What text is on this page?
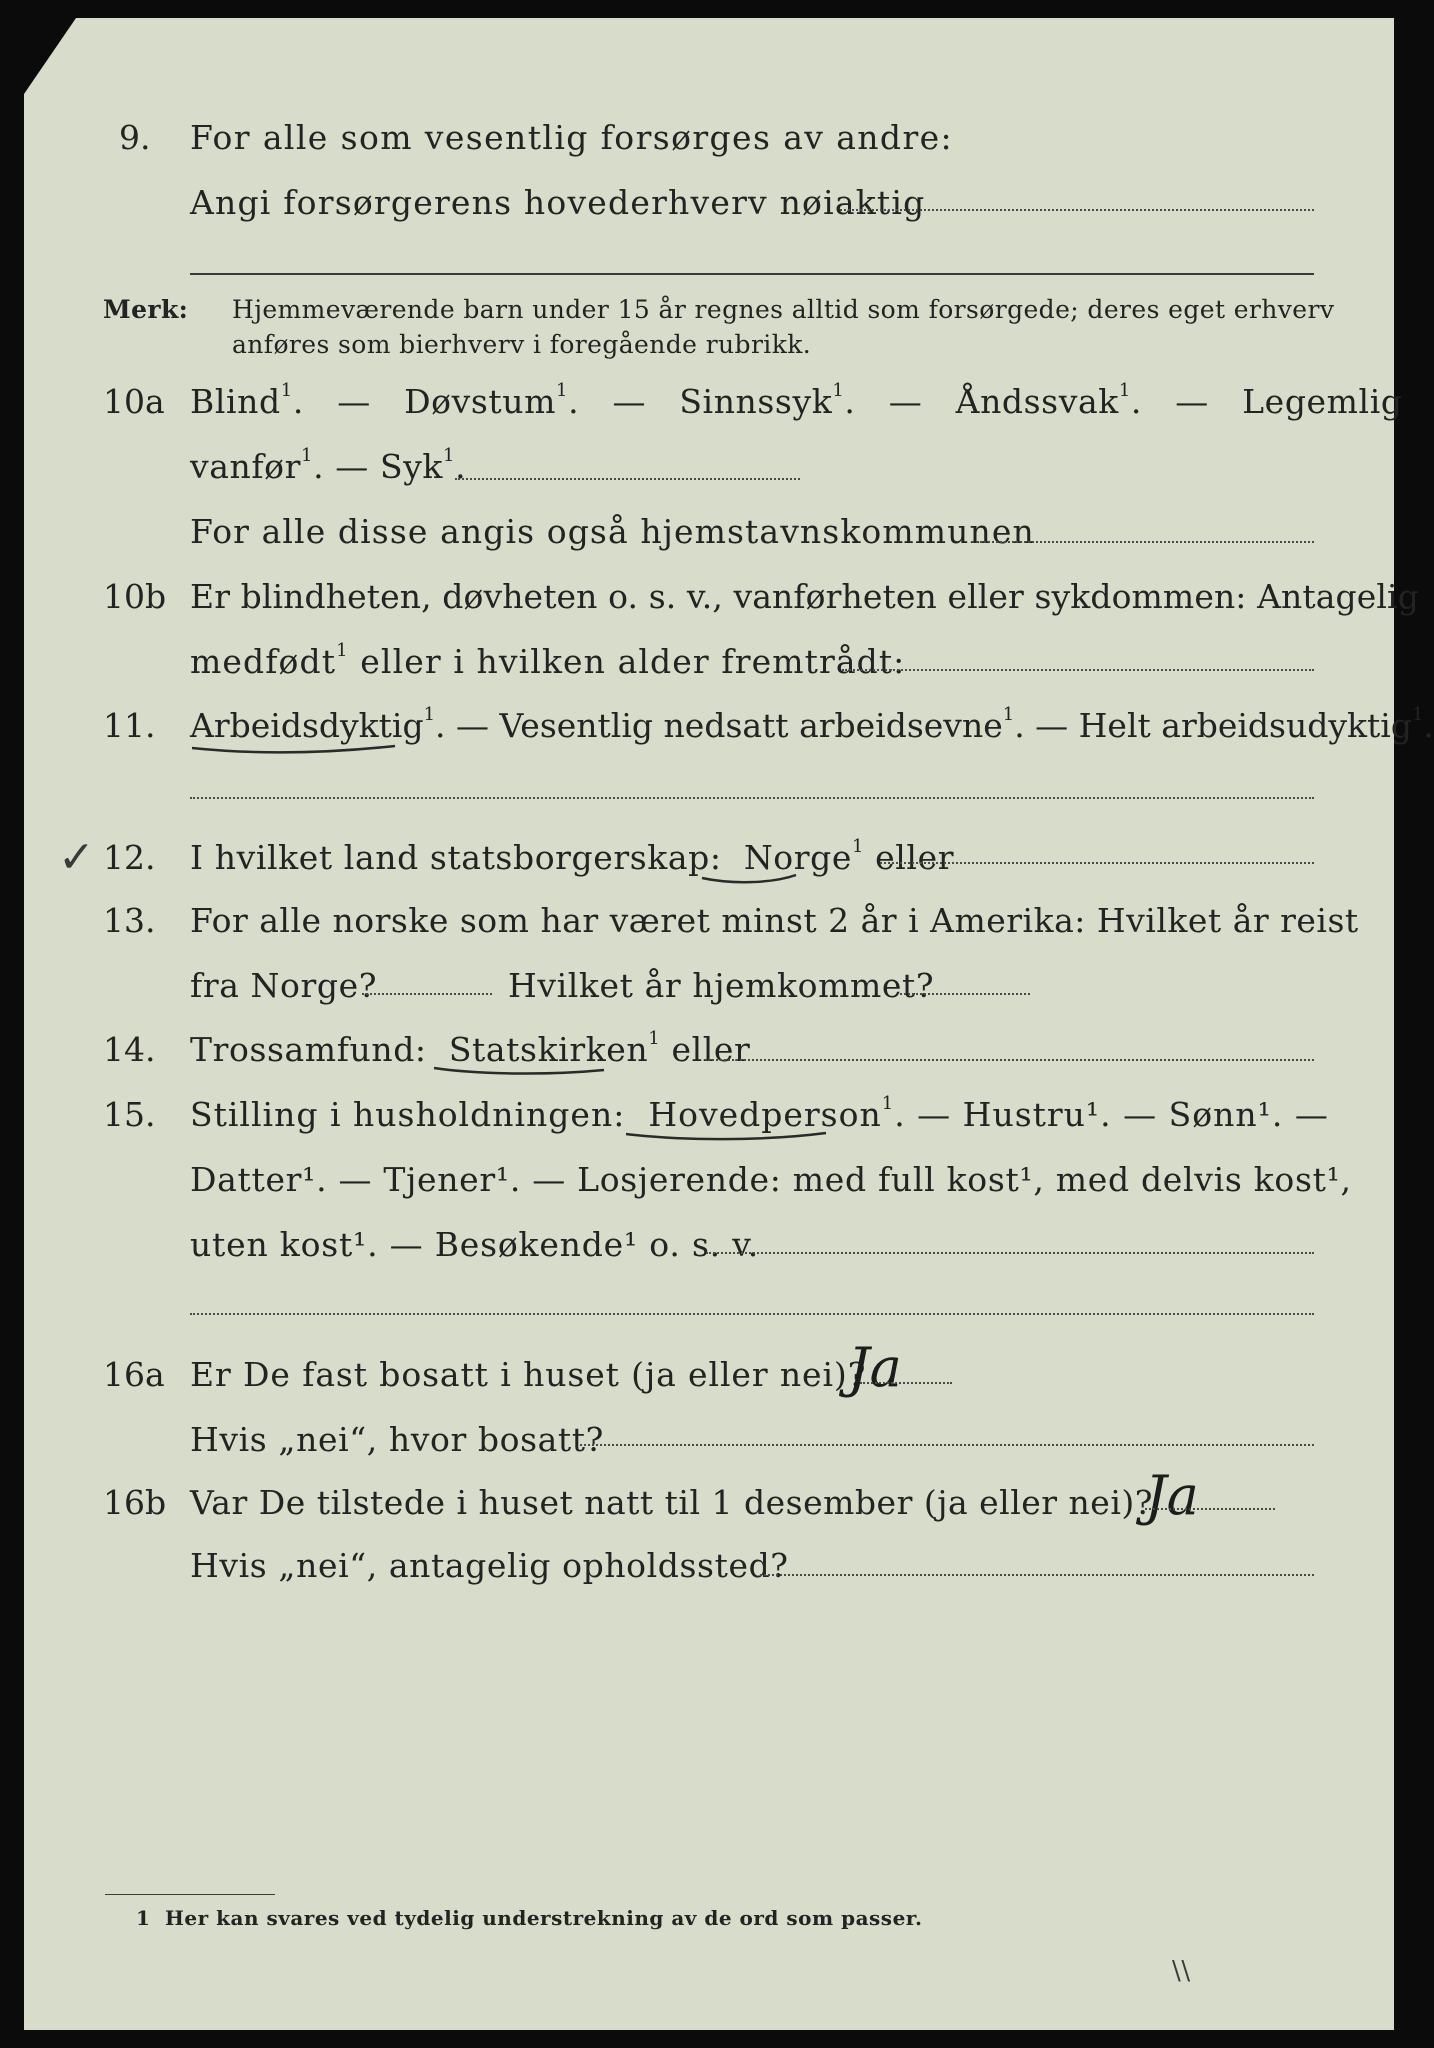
9. For alle som vesentlig forsørges av andre:
Angi forsørgerens hovederhverv nøiaktig
Merk: Hjemmeværende barn under 15 år regnes alltid som forsørgede; deres eget erhverv
anføres som bierhverv i foregående rubrikk.
10a Blind$^1$. — Døvstum$^1$. — Sinnssyk$^1$. — Åndssvak$^1$. — Legemlig
vanfør$^1$. — Syk$^1$.
For alle disse angis også hjemstavnskommunen
10b Er blindheten, døvheten o. s. v., vanførheten eller sykdommen: Antagelig
medfødt$^1$ eller i hvilken alder fremtrådt:
11. Arbeidsdyktig$^1$. — Vesentlig nedsatt arbeidsevne$^1$. — Helt arbeidsudyktig$^1$.
✓ 12. I hvilket land statsborgerskap: Norge$^1$ eller
13. For alle norske som har været minst 2 år i Amerika: Hvilket år reist
fra Norge?	Hvilket år hjemkommet?
14. Trossamfund: Statskirken$^1$ eller
15. Stilling i husholdningen: Hovedperson$^1$. — Hustru¹. — Sønn¹. —
Datter¹. — Tjener¹. — Losjerende: med full kost¹, med delvis kost¹,
uten kost¹. — Besøkende¹ o. s. v.
16a Er De fast bosatt i huset (ja eller nei)?
Ja
Hvis „nei“, hvor bosatt?
16b Var De tilstede i huset natt til 1 desember (ja eller nei)?
Ja
Hvis „nei“, antagelig opholdssted?
1 Her kan svares ved tydelig understrekning av de ord som passer.
\\
